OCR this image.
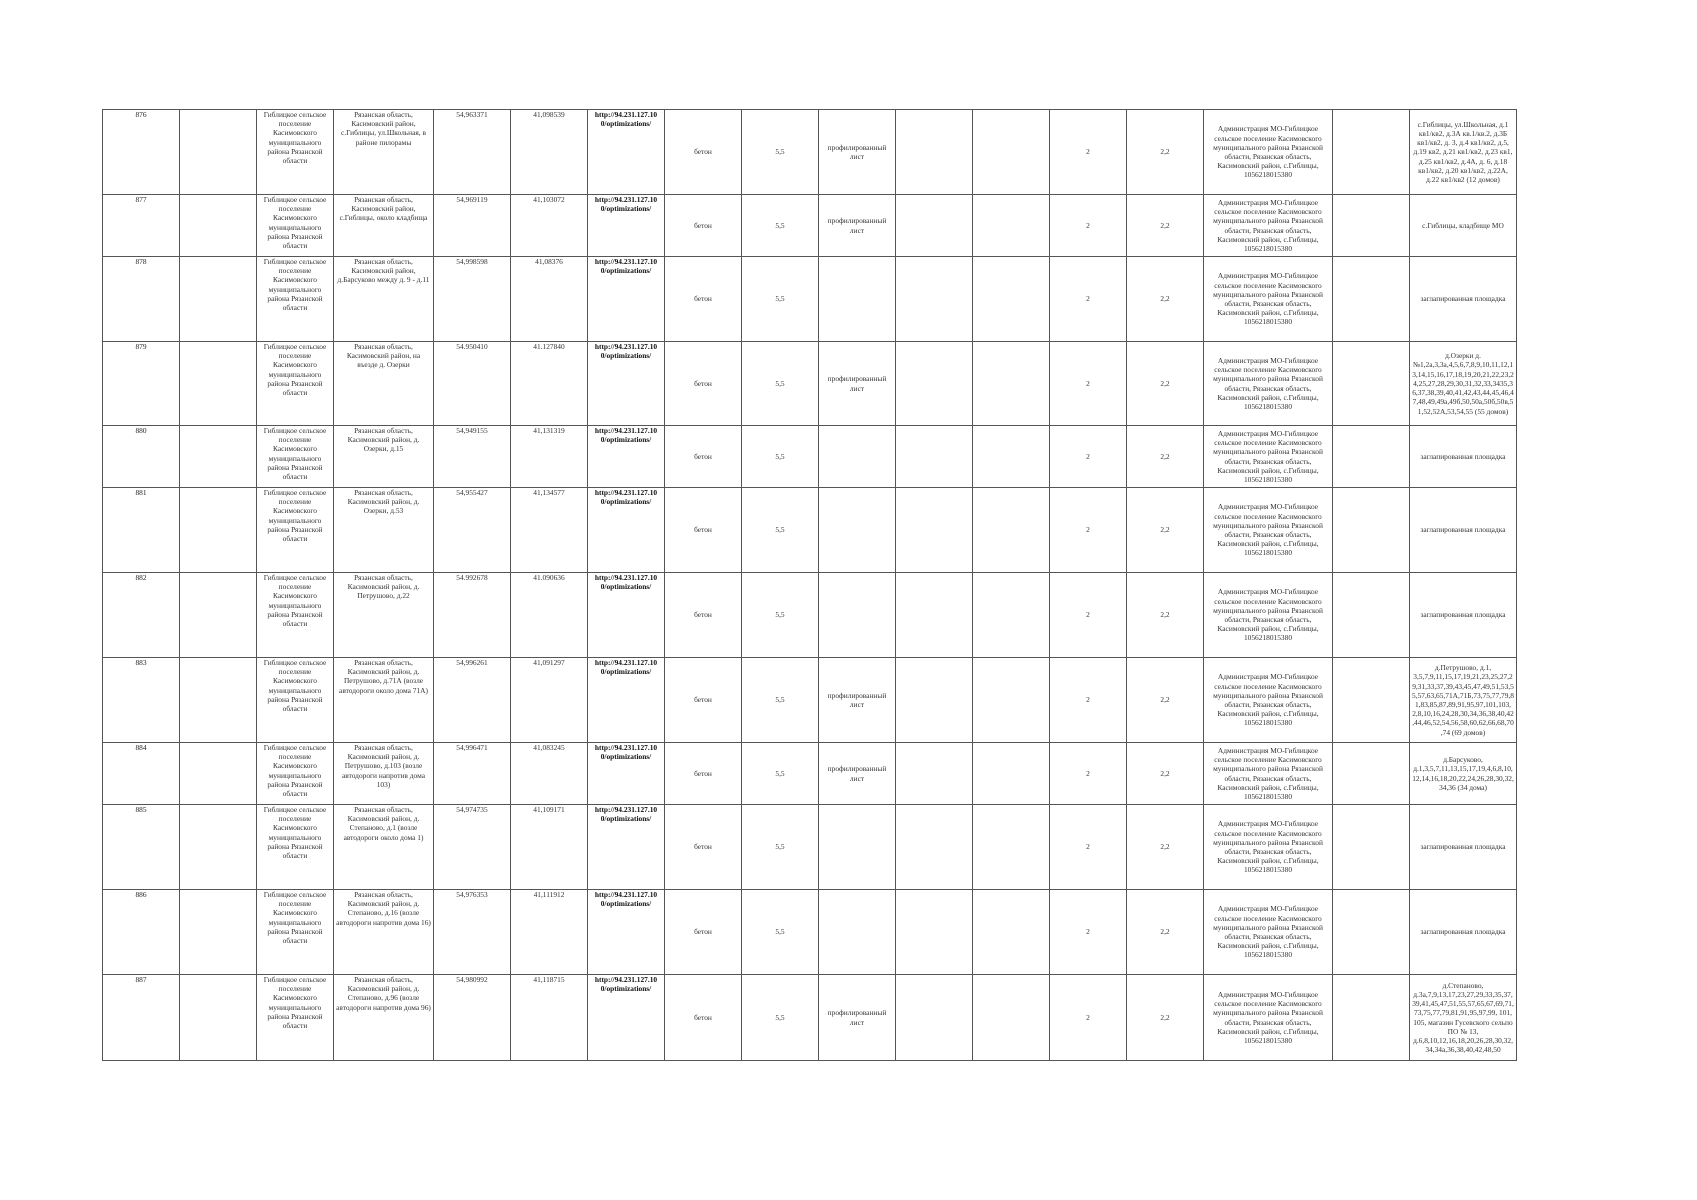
876		Гиблицкое сельское поселение Касимовского муниципального района Рязанской области	Рязанская область, Касимовский район, с.Гиблицы, ул.Школьная, в районе пилорамы	54,963371	41,098539	http://94.231.127.10 0/optimizations/	бетон	5,5	профилированный лист			2	2,2	Администрация МО-Гиблицкое сельское поселение Касимовского муниципального района Рязанской области, Рязанская область, Касимовский район, с.Гиблицы, 1056218015380		с.Гиблицы, ул.Школьная, д.1 кв1/кв2, д.3А кв.1/кв.2, д.3Б кв1/кв2, д. 3, д.4 кв1/кв2, д.5, д.19 кв2, д.21 кв1/кв2, д.23 кв1, д.25 кв1/кв2, д.4А, д. 6, д.18 кв1/кв2, д.20 кв1/кв2, д.22А, д.22 кв1/кв2 (12 домов)
877		Гиблицкое сельское поселение Касимовского муниципального района Рязанской области	Рязанская область, Касимовский район, с.Гиблицы, около кладбища	54,969119	41,103072	http://94.231.127.10 0/optimizations/	бетон	5,5	профилированный лист			2	2,2	Администрация МО-Гиблицкое сельское поселение Касимовского муниципального района Рязанской области, Рязанская область, Касимовский район, с.Гиблицы, 1056218015380		с.Гиблицы, кладбище МО
878		Гиблицкое сельское поселение Касимовского муниципального района Рязанской области	Рязанская область, Касимовский район, д.Барсуково между д. 9 - д.11	54,998598	41,08376	http://94.231.127.10 0/optimizations/	бетон	5,5				2	2,2	Администрация МО-Гиблицкое сельское поселение Касимовского муниципального района Рязанской области, Рязанская область, Касимовский район, с.Гиблицы, 1056218015380		заглапированная площадка
879		Гиблицкое сельское поселение Касимовского муниципального района Рязанской области	Рязанская область, Касимовский район, на въезде д. Озерки	54.950410	41.127840	http://94.231.127.10 0/optimizations/	бетон	5,5	профилированный лист			2	2,2	Администрация МО-Гиблицкое сельское поселение Касимовского муниципального района Рязанской области, Рязанская область, Касимовский район, с.Гиблицы, 1056218015380		д.Озерки д.№1,2а,3,3а,4,5,6,7,8,9,10,11,12,13,14,15,16,17,18,19,20,21,22,23,24,25,27,28,29,30,31,32,33,3435,36,37,38,39,40,41,42,43,44,45,46,47,48,49,49а,49б,50,50а,50б,50в,51,52,52А,53,54,55 (55 домов)
880		Гиблицкое сельское поселение Касимовского муниципального района Рязанской области	Рязанская область, Касимовский район, д. Озерки, д.15	54,949155	41,131319	http://94.231.127.10 0/optimizations/	бетон	5,5				2	2,2	Администрация МО-Гиблицкое сельское поселение Касимовского муниципального района Рязанской области, Рязанская область, Касимовский район, с.Гиблицы, 1056218015380		заглапированная площадка
881		Гиблицкое сельское поселение Касимовского муниципального района Рязанской области	Рязанская область, Касимовский район, д. Озерки, д.53	54,955427	41,134577	http://94.231.127.10 0/optimizations/	бетон	5,5				2	2,2	Администрация МО-Гиблицкое сельское поселение Касимовского муниципального района Рязанской области, Рязанская область, Касимовский район, с.Гиблицы, 1056218015380		заглапированная площадка
882		Гиблицкое сельское поселение Касимовского муниципального района Рязанской области	Рязанская область, Касимовский район, д. Петрушово, д.22	54.992678	41.090636	http://94.231.127.10 0/optimizations/	бетон	5,5				2	2,2	Администрация МО-Гиблицкое сельское поселение Касимовского муниципального района Рязанской области, Рязанская область, Касимовский район, с.Гиблицы, 1056218015380		заглапированная площадка
883		Гиблицкое сельское поселение Касимовского муниципального района Рязанской области	Рязанская область, Касимовский район, д. Петрушово, д.71А (возле автодороги около дома 71А)	54,996261	41,091297	http://94.231.127.10 0/optimizations/	бетон	5,5	профилированный лист			2	2,2	Администрация МО-Гиблицкое сельское поселение Касимовского муниципального района Рязанской области, Рязанская область, Касимовский район, с.Гиблицы, 1056218015380		д.Петрушово, д.1, 3,5,7,9,11,15,17,19,21,23,25,27,29,31,33,37,39,43,45,47,49,51,53,55,57,63,65,71А,71Б,73,75,77,79,81,83,85,87,89,91,95,97,101,103, 2,8,10,16,24,28,30,34,36,38,40,42,44,46,52,54,56,58,60,62,66,68,70,74 (69 домов)
884		Гиблицкое сельское поселение Касимовского муниципального района Рязанской области	Рязанская область, Касимовский район, д. Петрушово, д.103 (возле автодороги напротив дома 103)	54,996471	41,083245	http://94.231.127.10 0/optimizations/	бетон	5,5	профилированный лист			2	2,2	Администрация МО-Гиблицкое сельское поселение Касимовского муниципального района Рязанской области, Рязанская область, Касимовский район, с.Гиблицы, 1056218015380		д.Барсуково, д.1,3,5,7,11,13,15,17,19,4,6,8,10,12,14,16,18,20,22,24,26,28,30,32,34,36 (34 дома)
885		Гиблицкое сельское поселение Касимовского муниципального района Рязанской области	Рязанская область, Касимовский район, д. Степаново, д.1 (возле автодороги около дома 1)	54,974735	41,109171	http://94.231.127.10 0/optimizations/	бетон	5,5				2	2,2	Администрация МО-Гиблицкое сельское поселение Касимовского муниципального района Рязанской области, Рязанская область, Касимовский район, с.Гиблицы, 1056218015380		заглапированная площадка
886		Гиблицкое сельское поселение Касимовского муниципального района Рязанской области	Рязанская область, Касимовский район, д. Степаново, д.16 (возле автодороги напротив дома 16)	54,976353	41,111912	http://94.231.127.10 0/optimizations/	бетон	5,5				2	2,2	Администрация МО-Гиблицкое сельское поселение Касимовского муниципального района Рязанской области, Рязанская область, Касимовский район, с.Гиблицы, 1056218015380		заглапированная площадка
887		Гиблицкое сельское поселение Касимовского муниципального района Рязанской области	Рязанская область, Касимовский район, д. Степаново, д.96 (возле автодороги напротив дома 96)	54,980992	41,118715	http://94.231.127.10 0/optimizations/	бетон	5,5	профилированный лист			2	2,2	Администрация МО-Гиблицкое сельское поселение Касимовского муниципального района Рязанской области, Рязанская область, Касимовский район, с.Гиблицы, 1056218015380		д.Степаново, д.3а,7,9,13,17,23,27,29,33,35,37,39,41,45,47,51,55,57,65,67,69,71,73,75,77,79,81,91,95,97,99, 101, 105, магазин Гусевского сельпо ПО № 13, д.6,8,10,12,16,18,20,26,28,30,32,34,34а,36,38,40,42,48,50
